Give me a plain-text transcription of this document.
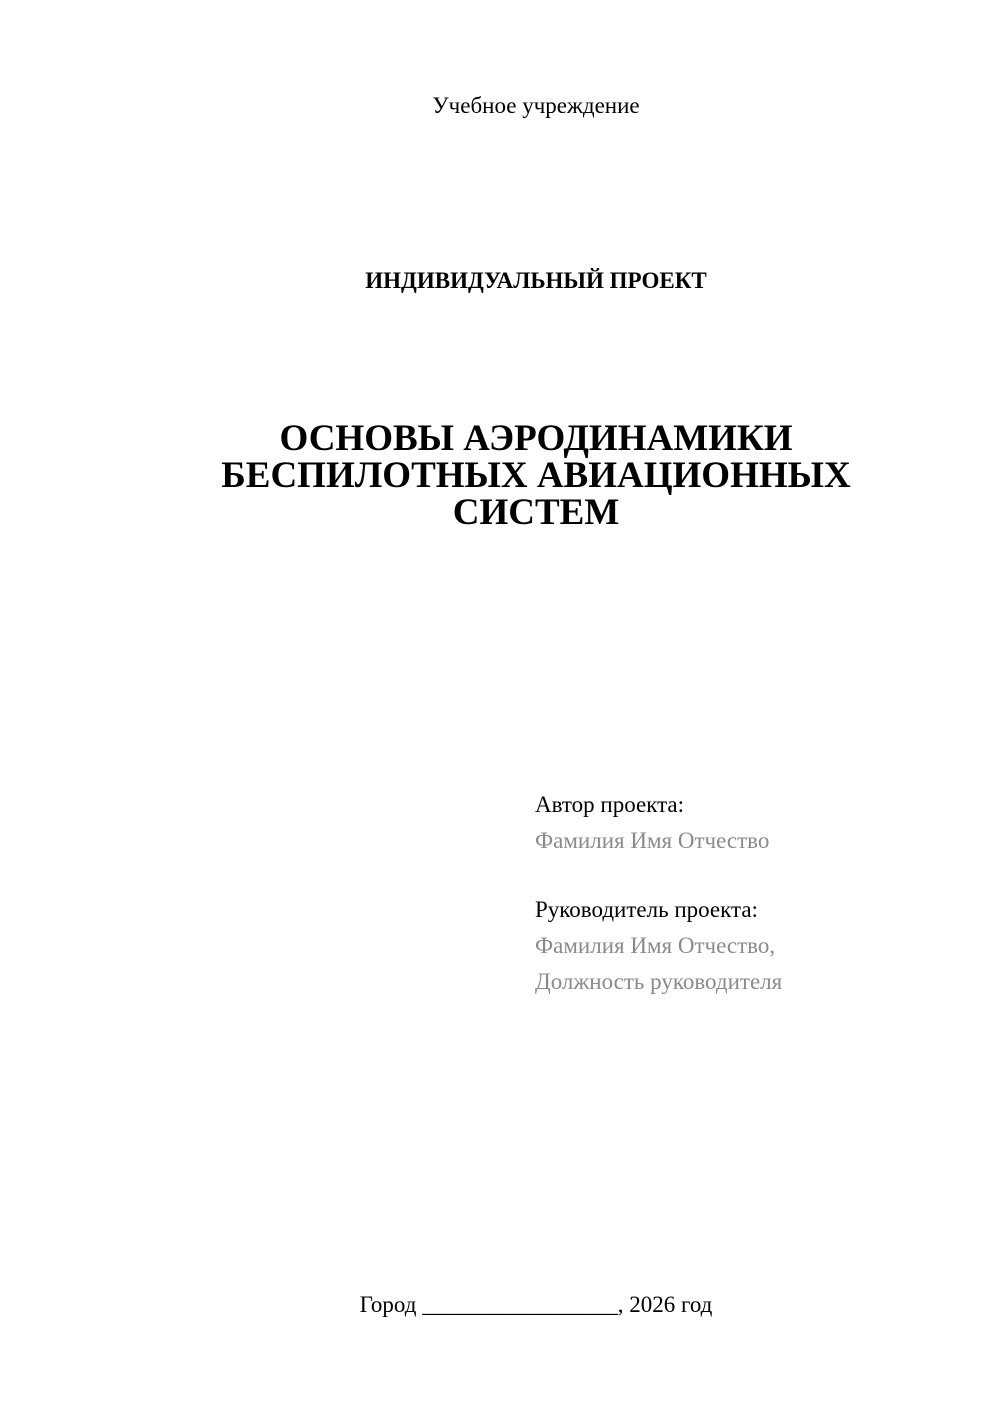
Учебное учреждение
ИНДИВИДУАЛЬНЫЙ ПРОЕКТ
ОСНОВЫ АЭРОДИНАМИКИ
БЕСПИЛОТНЫХ АВИАЦИОННЫХ
СИСТЕМ
Автор проекта:
Фамилия Имя Отчество
Руководитель проекта:
Фамилия Имя Отчество,
Должность руководителя
Город _________________, 2026 год
